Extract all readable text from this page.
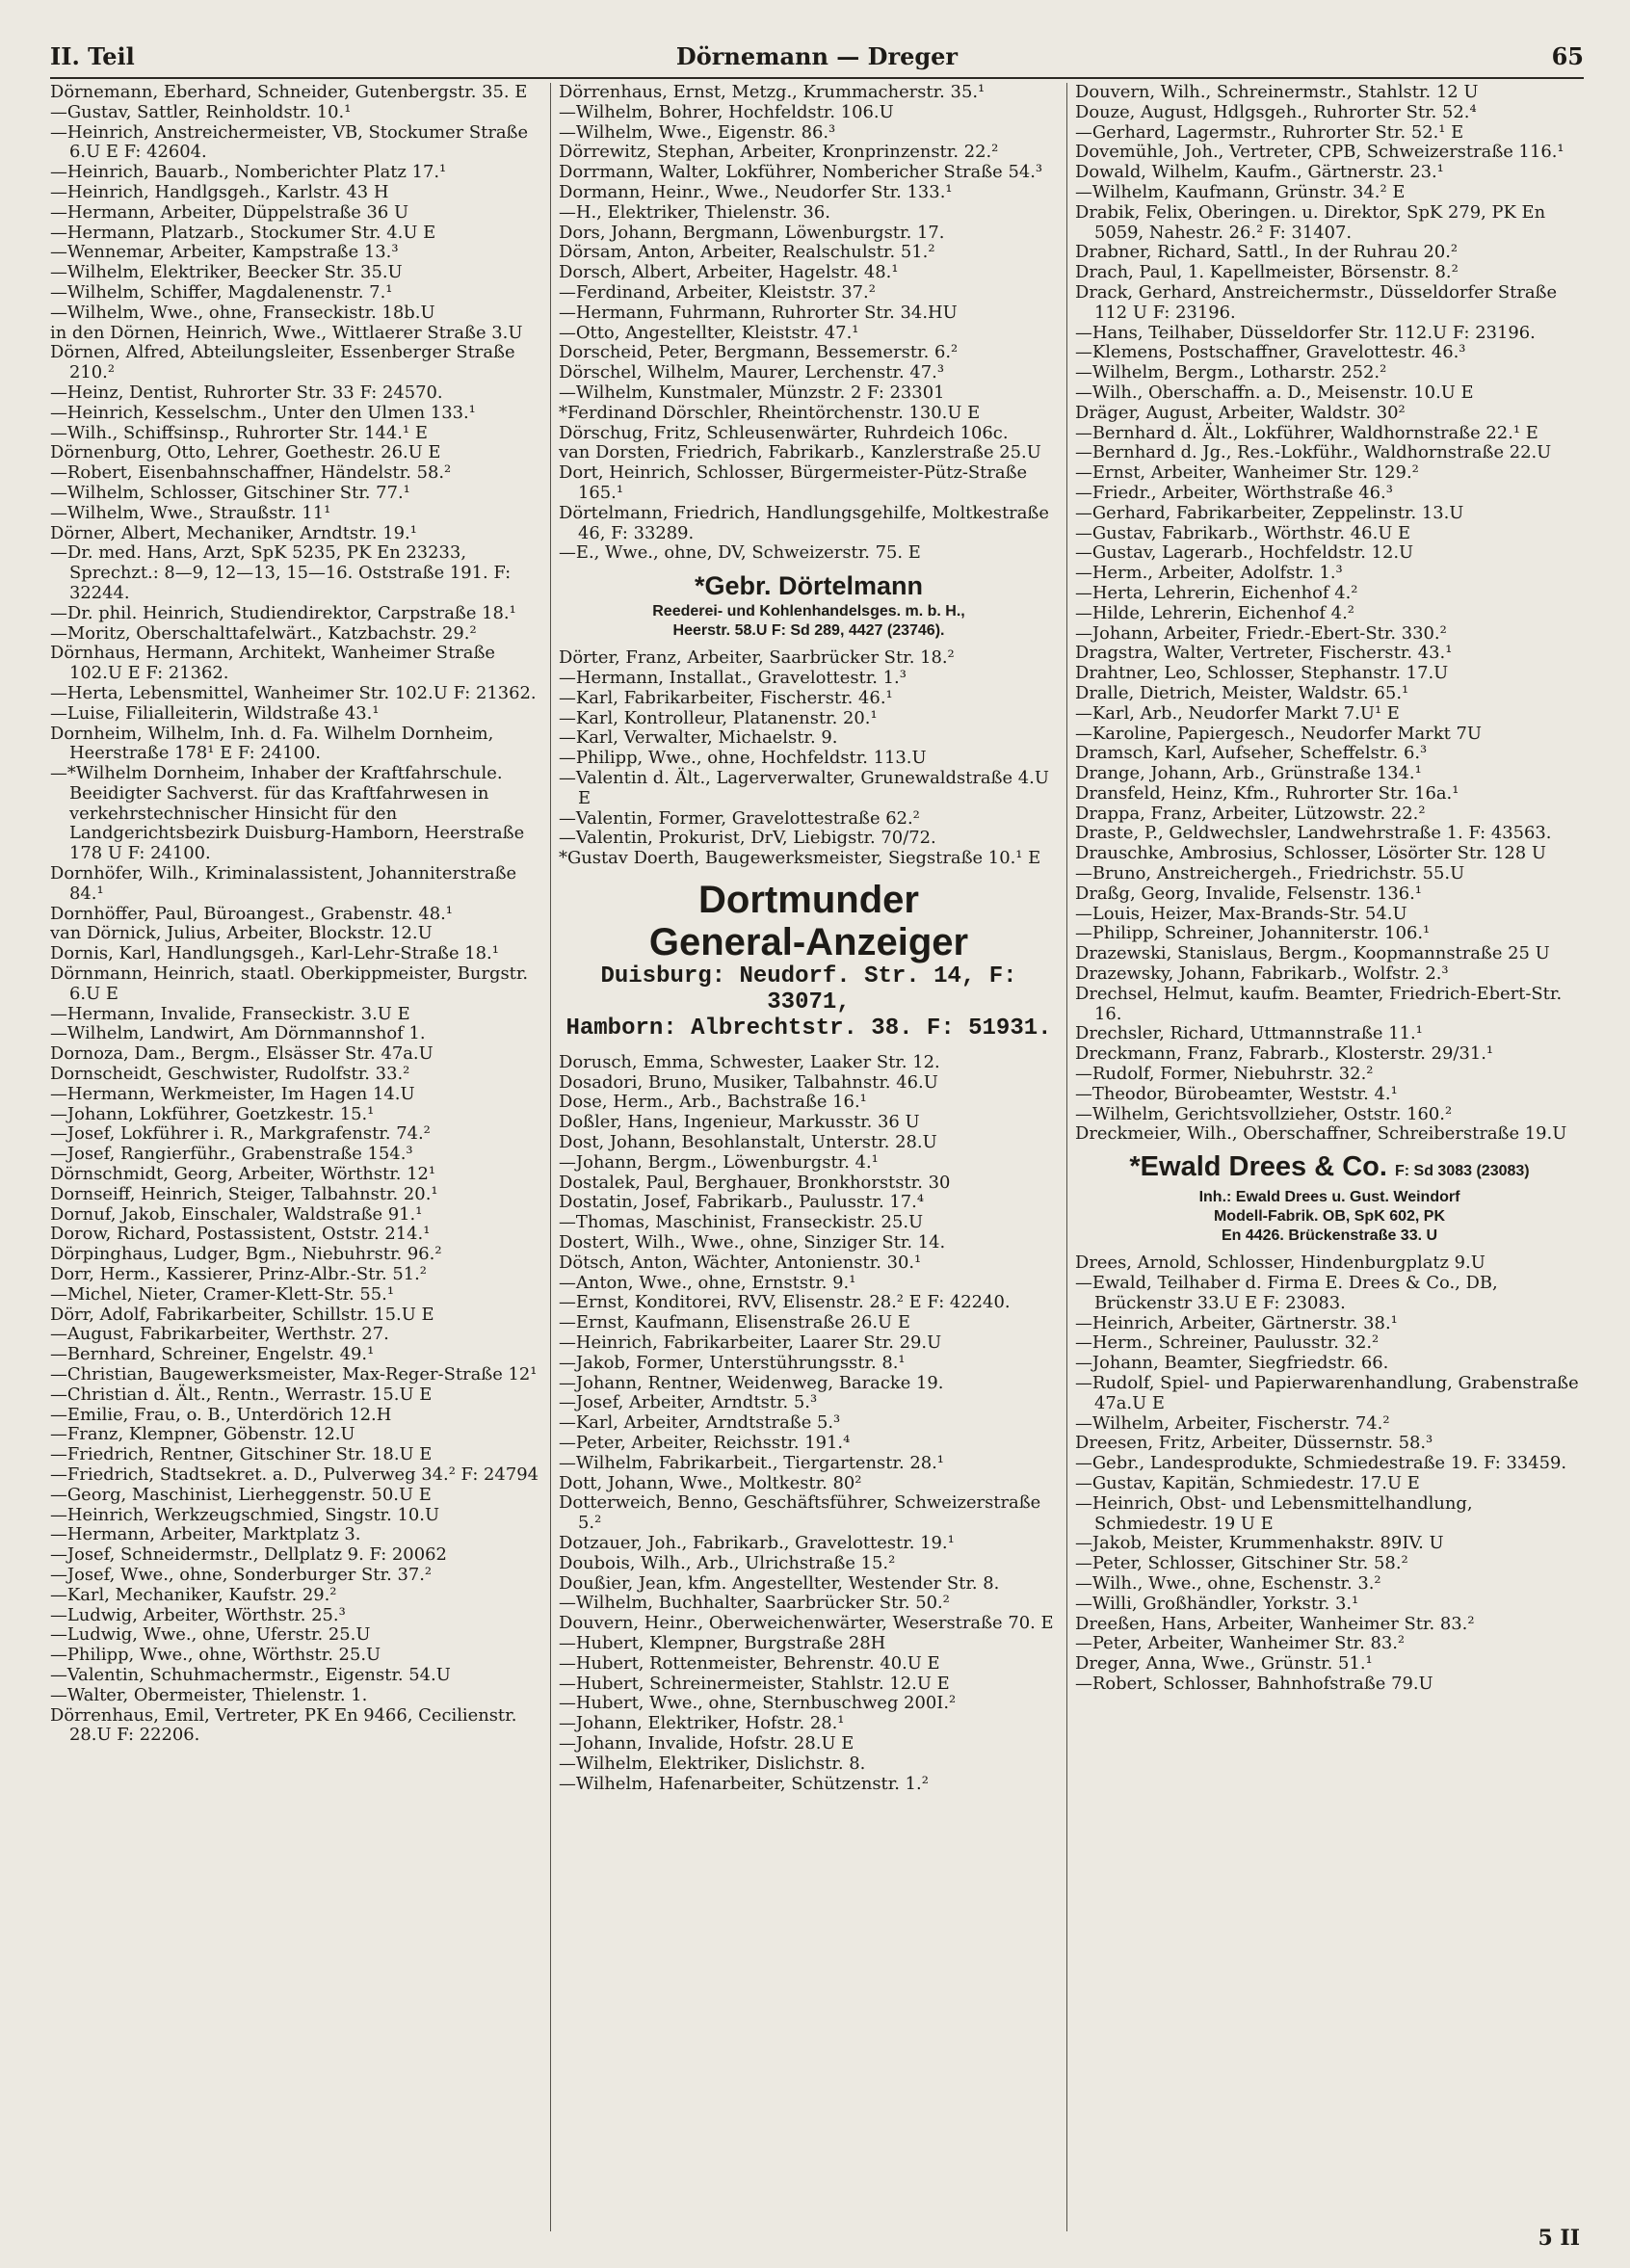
II. Teil	Dörnemann — Dreger	65

Dörnemann, Eberhard, Schneider, Gutenbergstr. 35. E

—Gustav, Sattler, Reinholdstr. 10.¹

—Heinrich, Anstreichermeister, VB, Stockumer Straße 6.U E F: 42604.

—Heinrich, Bauarb., Nomberichter Platz 17.¹

—Heinrich, Handlgsgeh., Karlstr. 43 H

—Hermann, Arbeiter, Düppelstraße 36 U

—Hermann, Platzarb., Stockumer Str. 4.U E

—Wennemar, Arbeiter, Kampstraße 13.³

—Wilhelm, Elektriker, Beecker Str. 35.U

—Wilhelm, Schiffer, Magdalenenstr. 7.¹

—Wilhelm, Wwe., ohne, Franseckistr. 18b.U

in den Dörnen, Heinrich, Wwe., Wittlaerer Straße 3.U

Dörnen, Alfred, Abteilungsleiter, Essenberger Straße 210.²

—Heinz, Dentist, Ruhrorter Str. 33 F: 24570.

—Heinrich, Kesselschm., Unter den Ulmen 133.¹

—Wilh., Schiffsinsp., Ruhrorter Str. 144.¹ E

Dörnenburg, Otto, Lehrer, Goethestr. 26.U E

—Robert, Eisenbahnschaffner, Händelstr. 58.²

—Wilhelm, Schlosser, Gitschiner Str. 77.¹

—Wilhelm, Wwe., Straußstr. 11¹

Dörner, Albert, Mechaniker, Arndtstr. 19.¹

—Dr. med. Hans, Arzt, SpK 5235, PK En 23233, Sprechzt.: 8—9, 12—13, 15—16. Oststraße 191. F: 32244.

—Dr. phil. Heinrich, Studiendirektor, Carpstraße 18.¹

—Moritz, Oberschalttafelwärt., Katzbachstr. 29.²

Dörnhaus, Hermann, Architekt, Wanheimer Straße 102.U E F: 21362.

—Herta, Lebensmittel, Wanheimer Str. 102.U F: 21362.

—Luise, Filialleiterin, Wildstraße 43.¹

Dornheim, Wilhelm, Inh. d. Fa. Wilhelm Dornheim, Heerstraße 178¹ E F: 24100.

—*Wilhelm Dornheim, Inhaber der Kraftfahrschule. Beeidigter Sachverst. für das Kraftfahrwesen in verkehrstechnischer Hinsicht für den Landgerichtsbezirk Duisburg-Hamborn, Heerstraße 178 U F: 24100.

Dornhöfer, Wilh., Kriminalassistent, Johanniterstraße 84.¹

Dornhöffer, Paul, Büroangest., Grabenstr. 48.¹

van Dörnick, Julius, Arbeiter, Blockstr. 12.U

Dornis, Karl, Handlungsgeh., Karl-Lehr-Straße 18.¹

Dörnmann, Heinrich, staatl. Oberkippmeister, Burgstr. 6.U E

—Hermann, Invalide, Franseckistr. 3.U E

—Wilhelm, Landwirt, Am Dörnmannshof 1.

Dornoza, Dam., Bergm., Elsässer Str. 47a.U

Dornscheidt, Geschwister, Rudolfstr. 33.²

—Hermann, Werkmeister, Im Hagen 14.U

—Johann, Lokführer, Goetzkestr. 15.¹

—Josef, Lokführer i. R., Markgrafenstr. 74.²

—Josef, Rangierführ., Grabenstraße 154.³

Dörnschmidt, Georg, Arbeiter, Wörthstr. 12¹

Dornseiff, Heinrich, Steiger, Talbahnstr. 20.¹

Dornuf, Jakob, Einschaler, Waldstraße 91.¹

Dorow, Richard, Postassistent, Oststr. 214.¹

Dörpinghaus, Ludger, Bgm., Niebuhrstr. 96.²

Dorr, Herm., Kassierer, Prinz-Albr.-Str. 51.²

—Michel, Nieter, Cramer-Klett-Str. 55.¹

Dörr, Adolf, Fabrikarbeiter, Schillstr. 15.U E

—August, Fabrikarbeiter, Werthstr. 27.

—Bernhard, Schreiner, Engelstr. 49.¹

—Christian, Baugewerksmeister, Max-Reger-Straße 12¹

—Christian d. Ält., Rentn., Werrastr. 15.U E

—Emilie, Frau, o. B., Unterdörich 12.H

—Franz, Klempner, Göbenstr. 12.U

—Friedrich, Rentner, Gitschiner Str. 18.U E

—Friedrich, Stadtsekret. a. D., Pulverweg 34.² F: 24794

—Georg, Maschinist, Lierheggenstr. 50.U E

—Heinrich, Werkzeugschmied, Singstr. 10.U

—Hermann, Arbeiter, Marktplatz 3.

—Josef, Schneidermstr., Dellplatz 9. F: 20062

—Josef, Wwe., ohne, Sonderburger Str. 37.²

—Karl, Mechaniker, Kaufstr. 29.²

—Ludwig, Arbeiter, Wörthstr. 25.³

—Ludwig, Wwe., ohne, Uferstr. 25.U

—Philipp, Wwe., ohne, Wörthstr. 25.U

—Valentin, Schuhmachermstr., Eigenstr. 54.U

—Walter, Obermeister, Thielenstr. 1.

Dörrenhaus, Emil, Vertreter, PK En 9466, Cecilienstr. 28.U F: 22206.

Dörrenhaus, Ernst, Metzg., Krummacherstr. 35.¹

—Wilhelm, Bohrer, Hochfeldstr. 106.U

—Wilhelm, Wwe., Eigenstr. 86.³

Dörrewitz, Stephan, Arbeiter, Kronprinzenstr. 22.²

Dorrmann, Walter, Lokführer, Nombericher Straße 54.³

Dormann, Heinr., Wwe., Neudorfer Str. 133.¹

—H., Elektriker, Thielenstr. 36.

Dors, Johann, Bergmann, Löwenburgstr. 17.

Dörsam, Anton, Arbeiter, Realschulstr. 51.²

Dorsch, Albert, Arbeiter, Hagelstr. 48.¹

—Ferdinand, Arbeiter, Kleiststr. 37.²

—Hermann, Fuhrmann, Ruhrorter Str. 34.HU

—Otto, Angestellter, Kleiststr. 47.¹

Dorscheid, Peter, Bergmann, Bessemerstr. 6.²

Dörschel, Wilhelm, Maurer, Lerchenstr. 47.³

—Wilhelm, Kunstmaler, Münzstr. 2 F: 23301

*Ferdinand Dörschler, Rheintörchenstr. 130.U E

Dörschug, Fritz, Schleusenwärter, Ruhrdeich 106c.

van Dorsten, Friedrich, Fabrikarb., Kanzlerstraße 25.U

Dort, Heinrich, Schlosser, Bürgermeister-Pütz-Straße 165.¹

Dörtelmann, Friedrich, Handlungsgehilfe, Moltkestraße 46, F: 33289.

—E., Wwe., ohne, DV, Schweizerstr. 75. E

*Gebr. Dörtelmann
Reederei- und Kohlenhandelsges. m. b. H.,
Heerstr. 58.U F: Sd 289, 4427 (23746).

Dörter, Franz, Arbeiter, Saarbrücker Str. 18.²

—Hermann, Installat., Gravelottestr. 1.³

—Karl, Fabrikarbeiter, Fischerstr. 46.¹

—Karl, Kontrolleur, Platanenstr. 20.¹

—Karl, Verwalter, Michaelstr. 9.

—Philipp, Wwe., ohne, Hochfeldstr. 113.U

—Valentin d. Ält., Lagerverwalter, Grunewaldstraße 4.U E

—Valentin, Former, Gravelottestraße 62.²

—Valentin, Prokurist, DrV, Liebigstr. 70/72.

*Gustav Doerth, Baugewerksmeister, Siegstraße 10.¹ E

Dortmunder
General-Anzeiger
Duisburg: Neudorf. Str. 14, F: 33071,
Hamborn: Albrechtstr. 38. F: 51931.

Dorusch, Emma, Schwester, Laaker Str. 12.

Dosadori, Bruno, Musiker, Talbahnstr. 46.U

Dose, Herm., Arb., Bachstraße 16.¹

Doßler, Hans, Ingenieur, Markusstr. 36 U

Dost, Johann, Besohlanstalt, Unterstr. 28.U

—Johann, Bergm., Löwenburgstr. 4.¹

Dostalek, Paul, Berghauer, Bronkhorststr. 30

Dostatin, Josef, Fabrikarb., Paulusstr. 17.⁴

—Thomas, Maschinist, Franseckistr. 25.U

Dostert, Wilh., Wwe., ohne, Sinziger Str. 14.

Dötsch, Anton, Wächter, Antonienstr. 30.¹

—Anton, Wwe., ohne, Ernststr. 9.¹

—Ernst, Konditorei, RVV, Elisenstr. 28.² E F: 42240.

—Ernst, Kaufmann, Elisenstraße 26.U E

—Heinrich, Fabrikarbeiter, Laarer Str. 29.U

—Jakob, Former, Unterstührungsstr. 8.¹

—Johann, Rentner, Weidenweg, Baracke 19.

—Josef, Arbeiter, Arndtstr. 5.³

—Karl, Arbeiter, Arndtstraße 5.³

—Peter, Arbeiter, Reichsstr. 191.⁴

—Wilhelm, Fabrikarbeit., Tiergartenstr. 28.¹

Dott, Johann, Wwe., Moltkestr. 80²

Dotterweich, Benno, Geschäftsführer, Schweizerstraße 5.²

Dotzauer, Joh., Fabrikarb., Gravelottestr. 19.¹

Doubois, Wilh., Arb., Ulrichstraße 15.²

Doußier, Jean, kfm. Angestellter, Westender Str. 8.

—Wilhelm, Buchhalter, Saarbrücker Str. 50.²

Douvern, Heinr., Oberweichenwärter, Weserstraße 70. E

—Hubert, Klempner, Burgstraße 28H

—Hubert, Rottenmeister, Behrenstr. 40.U E

—Hubert, Schreinermeister, Stahlstr. 12.U E

—Hubert, Wwe., ohne, Sternbuschweg 200I.²

—Johann, Elektriker, Hofstr. 28.¹

—Johann, Invalide, Hofstr. 28.U E

—Wilhelm, Elektriker, Dislichstr. 8.

—Wilhelm, Hafenarbeiter, Schützenstr. 1.²

Douvern, Wilh., Schreinermstr., Stahlstr. 12 U

Douze, August, Hdlgsgeh., Ruhrorter Str. 52.⁴

—Gerhard, Lagermstr., Ruhrorter Str. 52.¹ E

Dovemühle, Joh., Vertreter, CPB, Schweizerstraße 116.¹

Dowald, Wilhelm, Kaufm., Gärtnerstr. 23.¹

—Wilhelm, Kaufmann, Grünstr. 34.² E

Drabik, Felix, Oberingen. u. Direktor, SpK 279, PK En 5059, Nahestr. 26.² F: 31407.

Drabner, Richard, Sattl., In der Ruhrau 20.²

Drach, Paul, 1. Kapellmeister, Börsenstr. 8.²

Drack, Gerhard, Anstreichermstr., Düsseldorfer Straße 112 U F: 23196.

—Hans, Teilhaber, Düsseldorfer Str. 112.U F: 23196.

—Klemens, Postschaffner, Gravelottestr. 46.³

—Wilhelm, Bergm., Lotharstr. 252.²

—Wilh., Oberschaffn. a. D., Meisenstr. 10.U E

Dräger, August, Arbeiter, Waldstr. 30²

—Bernhard d. Ält., Lokführer, Waldhornstraße 22.¹ E

—Bernhard d. Jg., Res.-Lokführ., Waldhornstraße 22.U

—Ernst, Arbeiter, Wanheimer Str. 129.²

—Friedr., Arbeiter, Wörthstraße 46.³

—Gerhard, Fabrikarbeiter, Zeppelinstr. 13.U

—Gustav, Fabrikarb., Wörthstr. 46.U E

—Gustav, Lagerarb., Hochfeldstr. 12.U

—Herm., Arbeiter, Adolfstr. 1.³

—Herta, Lehrerin, Eichenhof 4.²

—Hilde, Lehrerin, Eichenhof 4.²

—Johann, Arbeiter, Friedr.-Ebert-Str. 330.²

Dragstra, Walter, Vertreter, Fischerstr. 43.¹

Drahtner, Leo, Schlosser, Stephanstr. 17.U

Dralle, Dietrich, Meister, Waldstr. 65.¹

—Karl, Arb., Neudorfer Markt 7.U¹ E

—Karoline, Papiergesch., Neudorfer Markt 7U

Dramsch, Karl, Aufseher, Scheffelstr. 6.³

Drange, Johann, Arb., Grünstraße 134.¹

Dransfeld, Heinz, Kfm., Ruhrorter Str. 16a.¹

Drappa, Franz, Arbeiter, Lützowstr. 22.²

Draste, P., Geldwechsler, Landwehrstraße 1. F: 43563.

Drauschke, Ambrosius, Schlosser, Lösörter Str. 128 U

—Bruno, Anstreichergeh., Friedrichstr. 55.U

Draßg, Georg, Invalide, Felsenstr. 136.¹

—Louis, Heizer, Max-Brands-Str. 54.U

—Philipp, Schreiner, Johanniterstr. 106.¹

Drazewski, Stanislaus, Bergm., Koopmannstraße 25 U

Drazewsky, Johann, Fabrikarb., Wolfstr. 2.³

Drechsel, Helmut, kaufm. Beamter, Friedrich-Ebert-Str. 16.

Drechsler, Richard, Uttmannstraße 11.¹

Dreckmann, Franz, Fabrarb., Klosterstr. 29/31.¹

—Rudolf, Former, Niebuhrstr. 32.²

—Theodor, Bürobeamter, Weststr. 4.¹

—Wilhelm, Gerichtsvollzieher, Oststr. 160.²

Dreckmeier, Wilh., Oberschaffner, Schreiberstraße 19.U

*Ewald Drees & Co. F: Sd 3083 (23083)
Inh.: Ewald Drees u. Gust. Weindorf
Modell-Fabrik. OB, SpK 602, PK
En 4426. Brückenstraße 33. U

Drees, Arnold, Schlosser, Hindenburgplatz 9.U

—Ewald, Teilhaber d. Firma E. Drees & Co., DB, Brückenstr 33.U E F: 23083.

—Heinrich, Arbeiter, Gärtnerstr. 38.¹

—Herm., Schreiner, Paulusstr. 32.²

—Johann, Beamter, Siegfriedstr. 66.

—Rudolf, Spiel- und Papierwarenhandlung, Grabenstraße 47a.U E

—Wilhelm, Arbeiter, Fischerstr. 74.²

Dreesen, Fritz, Arbeiter, Düssernstr. 58.³

—Gebr., Landesprodukte, Schmiedestraße 19. F: 33459.

—Gustav, Kapitän, Schmiedestr. 17.U E

—Heinrich, Obst- und Lebensmittelhandlung, Schmiedestr. 19 U E

—Jakob, Meister, Krummenhakstr. 89IV. U

—Peter, Schlosser, Gitschiner Str. 58.²

—Wilh., Wwe., ohne, Eschenstr. 3.²

—Willi, Großhändler, Yorkstr. 3.¹

Dreeßen, Hans, Arbeiter, Wanheimer Str. 83.²

—Peter, Arbeiter, Wanheimer Str. 83.²

Dreger, Anna, Wwe., Grünstr. 51.¹

—Robert, Schlosser, Bahnhofstraße 79.U

5 II
